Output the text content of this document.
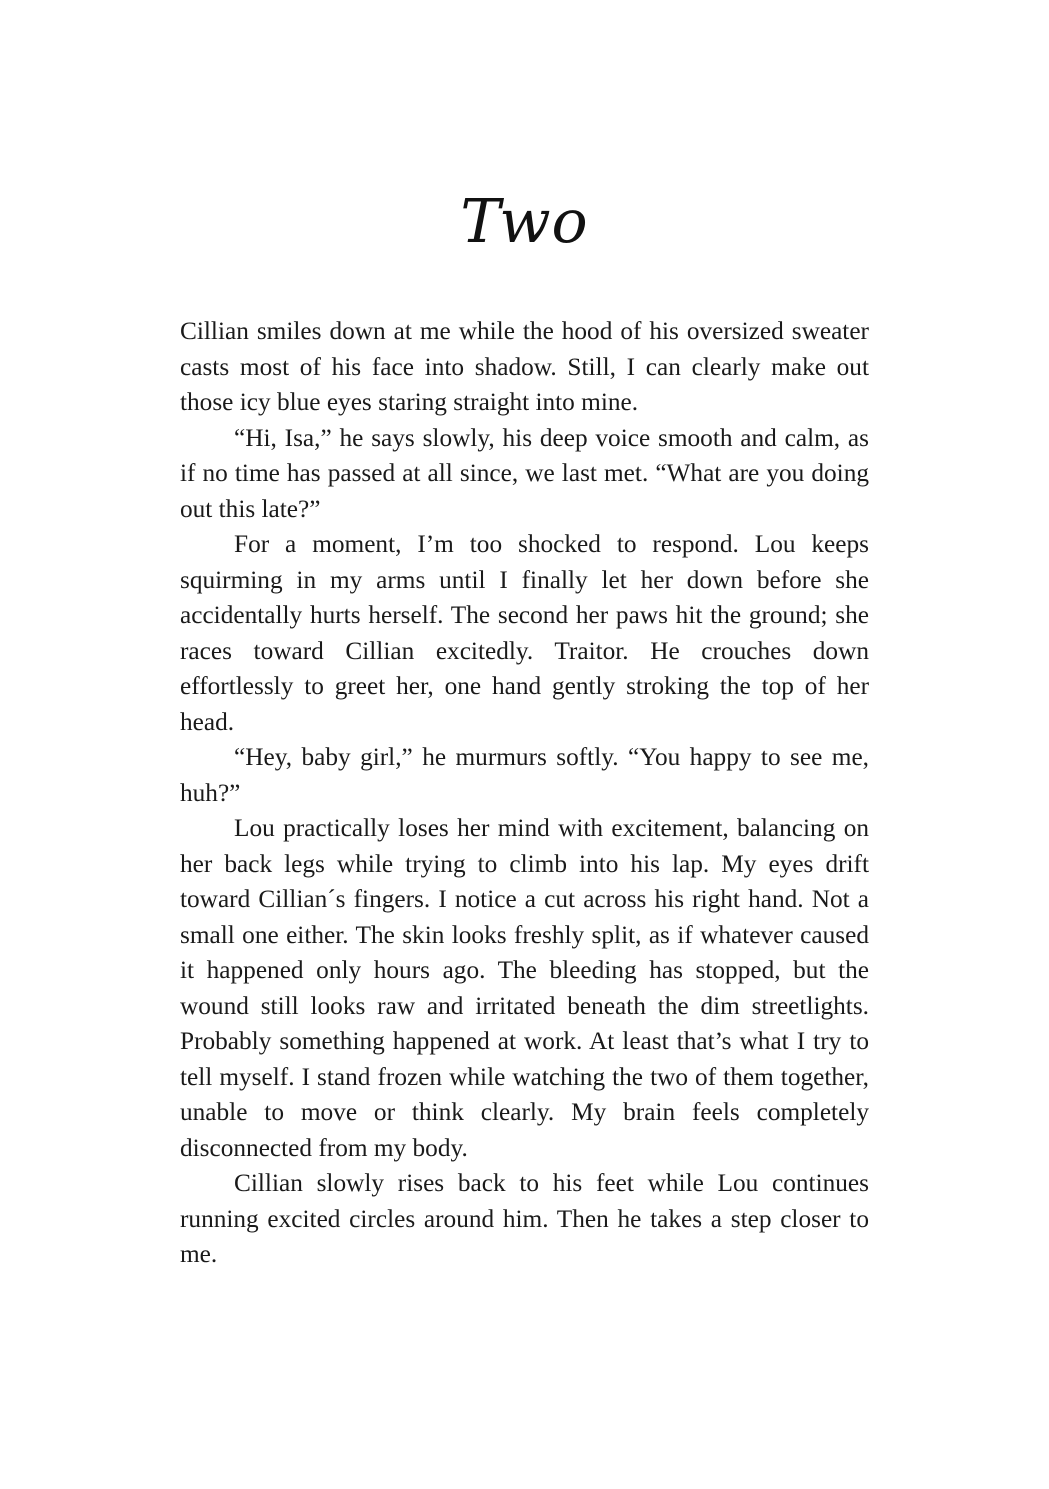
Two

Cillian smiles down at me while the hood of his oversized sweater casts most of his face into shadow. Still, I can clearly make out those icy blue eyes staring straight into mine.

“Hi, Isa,” he says slowly, his deep voice smooth and calm, as if no time has passed at all since, we last met. “What are you doing out this late?”

For a moment, I’m too shocked to respond. Lou keeps squirming in my arms until I finally let her down before she accidentally hurts herself. The second her paws hit the ground; she races toward Cillian excitedly. Traitor. He crouches down effortlessly to greet her, one hand gently stroking the top of her head.

“Hey, baby girl,” he murmurs softly. “You happy to see me, huh?”

Lou practically loses her mind with excitement, balancing on her back legs while trying to climb into his lap. My eyes drift toward Cillian´s fingers. I notice a cut across his right hand. Not a small one either. The skin looks freshly split, as if whatever caused it happened only hours ago. The bleeding has stopped, but the wound still looks raw and irritated beneath the dim streetlights. Probably something happened at work. At least that’s what I try to tell myself. I stand frozen while watching the two of them together, unable to move or think clearly. My brain feels completely disconnected from my body.

Cillian slowly rises back to his feet while Lou continues running excited circles around him. Then he takes a step closer to me.
